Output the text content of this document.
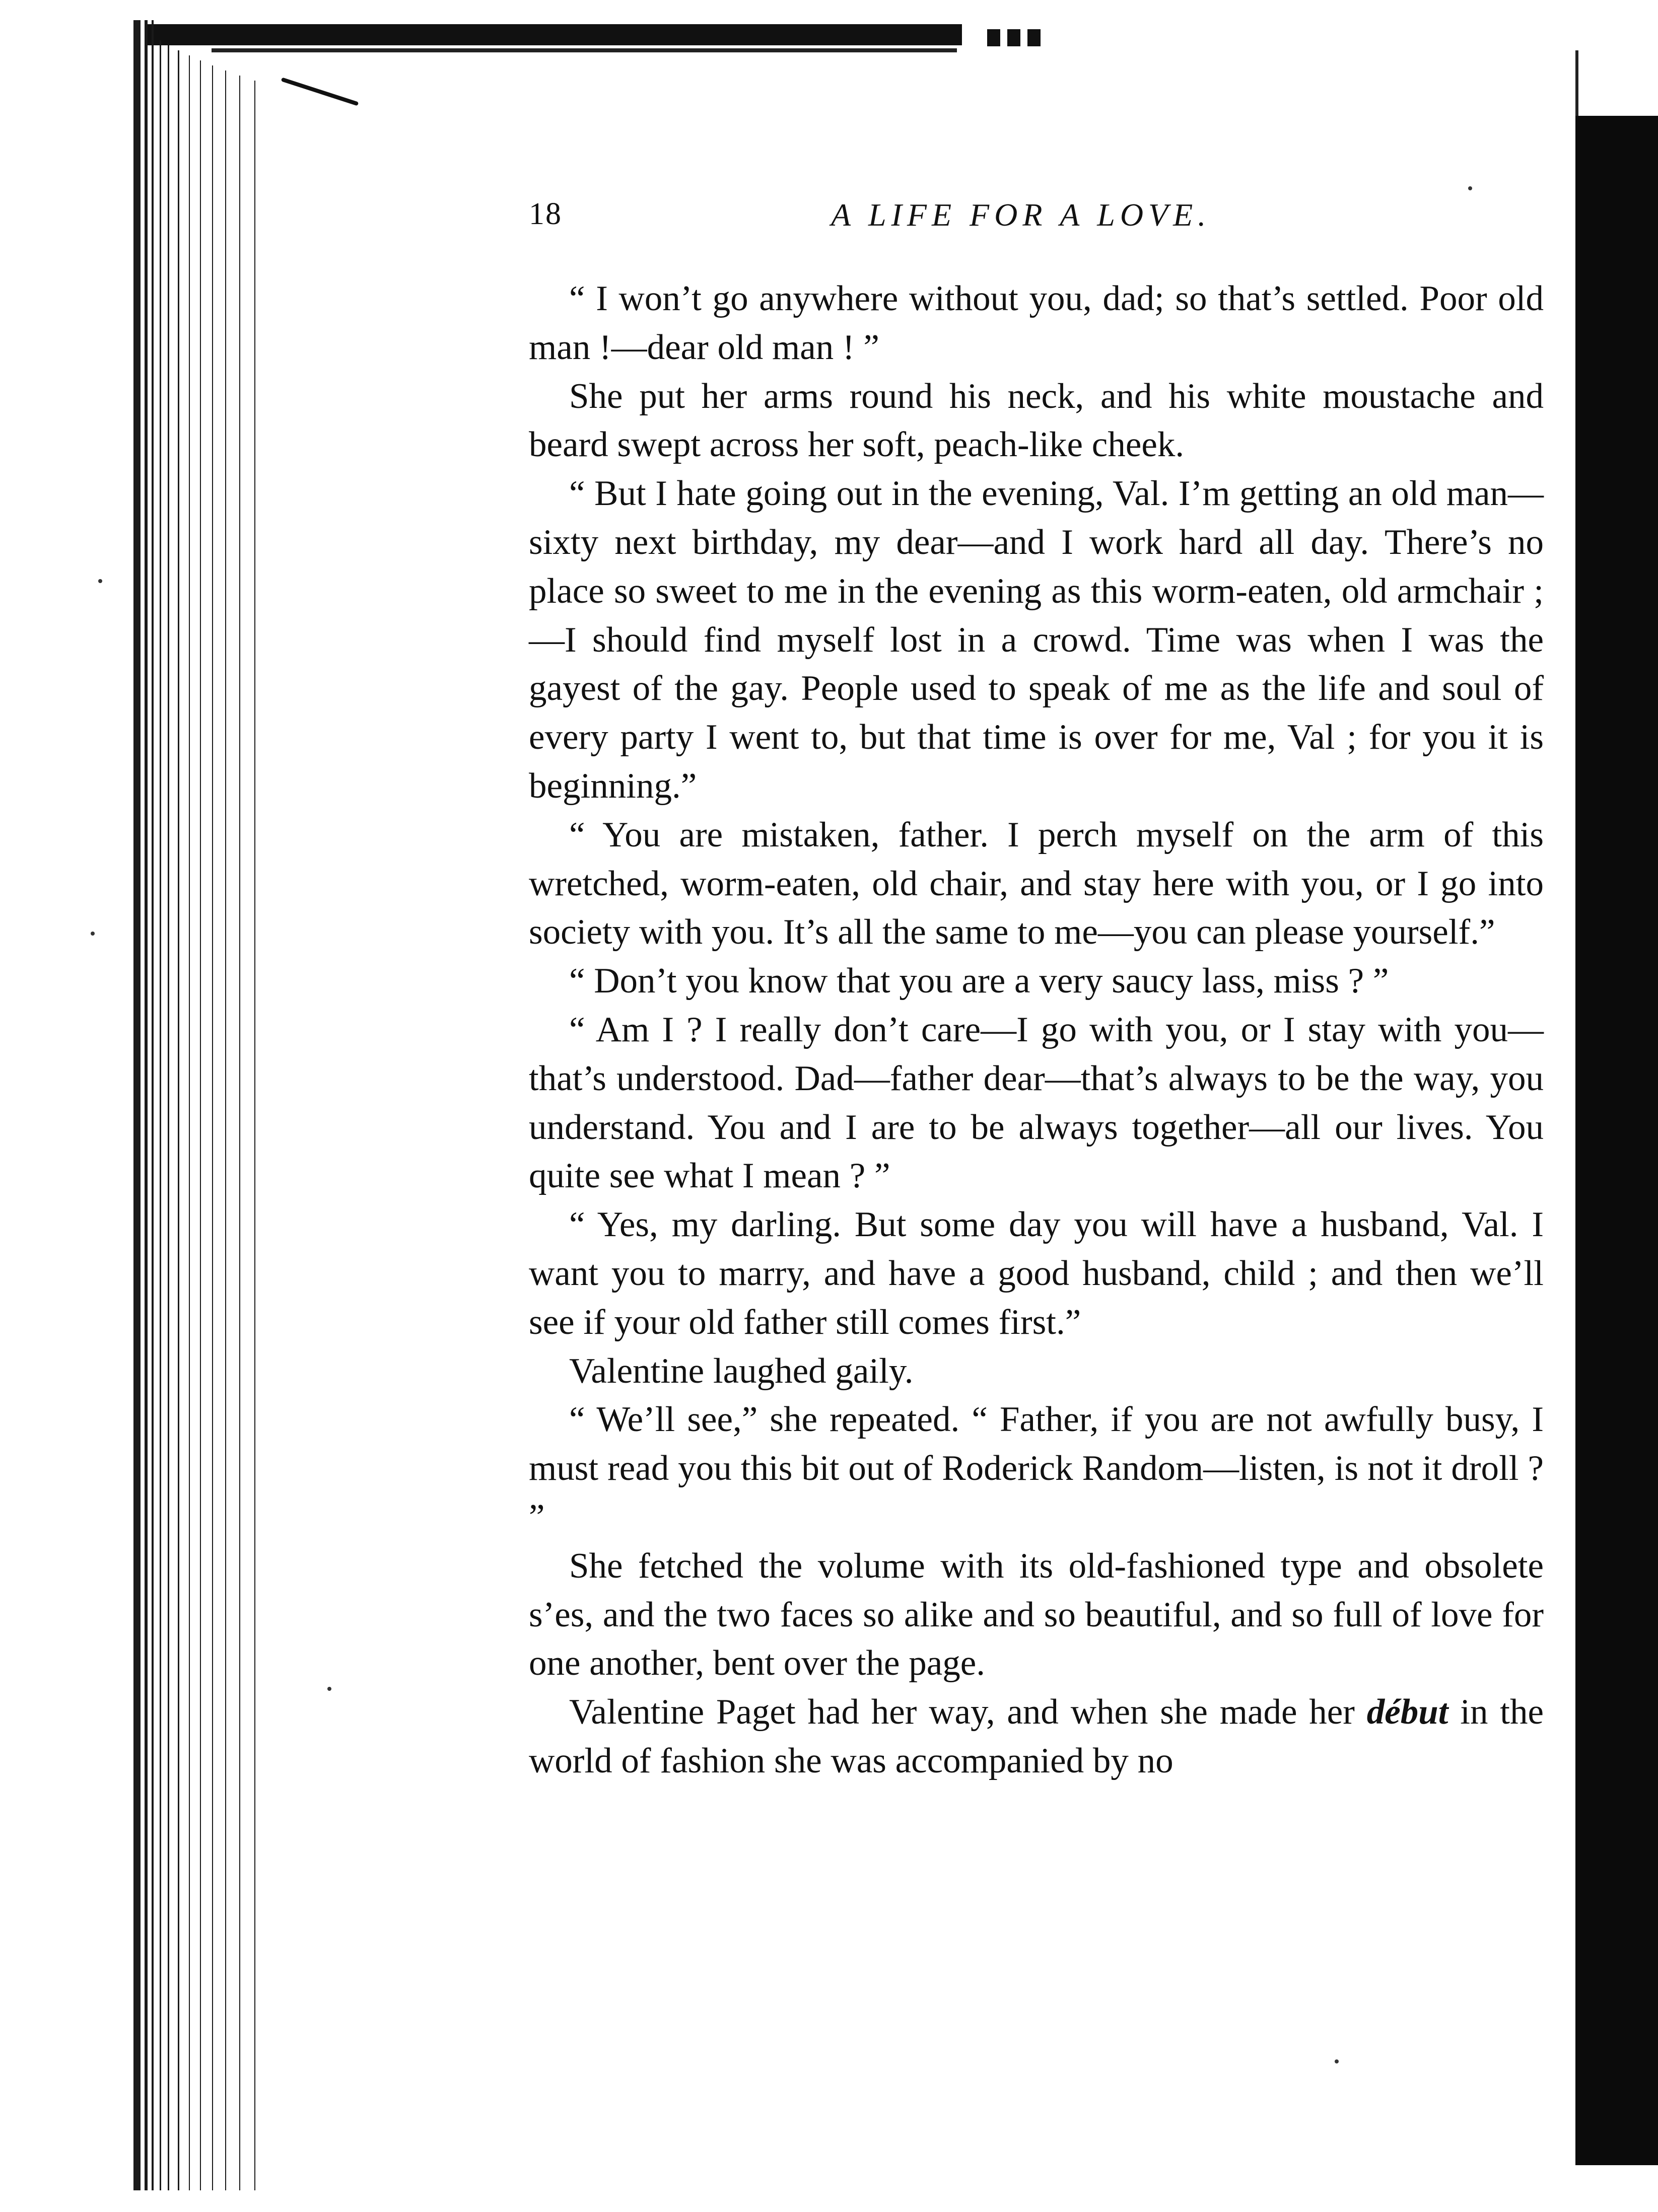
18	A LIFE FOR A LOVE.

“ I won’t go anywhere without you, dad; so that’s settled. Poor old man !—dear old man ! ”

She put her arms round his neck, and his white moustache and beard swept across her soft, peach-like cheek.

“ But I hate going out in the evening, Val. I’m getting an old man—sixty next birthday, my dear—and I work hard all day. There’s no place so sweet to me in the evening as this worm-eaten, old armchair ;—I should find myself lost in a crowd. Time was when I was the gayest of the gay. People used to speak of me as the life and soul of every party I went to, but that time is over for me, Val ; for you it is beginning.”

“ You are mistaken, father. I perch myself on the arm of this wretched, worm-eaten, old chair, and stay here with you, or I go into society with you. It’s all the same to me—you can please yourself.”

“ Don’t you know that you are a very saucy lass, miss ? ”

“ Am I ? I really don’t care—I go with you, or I stay with you—that’s understood. Dad—father dear—that’s always to be the way, you understand. You and I are to be always together—all our lives. You quite see what I mean ? ”

“ Yes, my darling. But some day you will have a husband, Val. I want you to marry, and have a good husband, child ; and then we’ll see if your old father still comes first.”

Valentine laughed gaily.

“ We’ll see,” she repeated. “ Father, if you are not awfully busy, I must read you this bit out of Roderick Random—listen, is not it droll ? ”

She fetched the volume with its old-fashioned type and obsolete s’es, and the two faces so alike and so beautiful, and so full of love for one another, bent over the page.

Valentine Paget had her way, and when she made her début in the world of fashion she was accompanied by no
